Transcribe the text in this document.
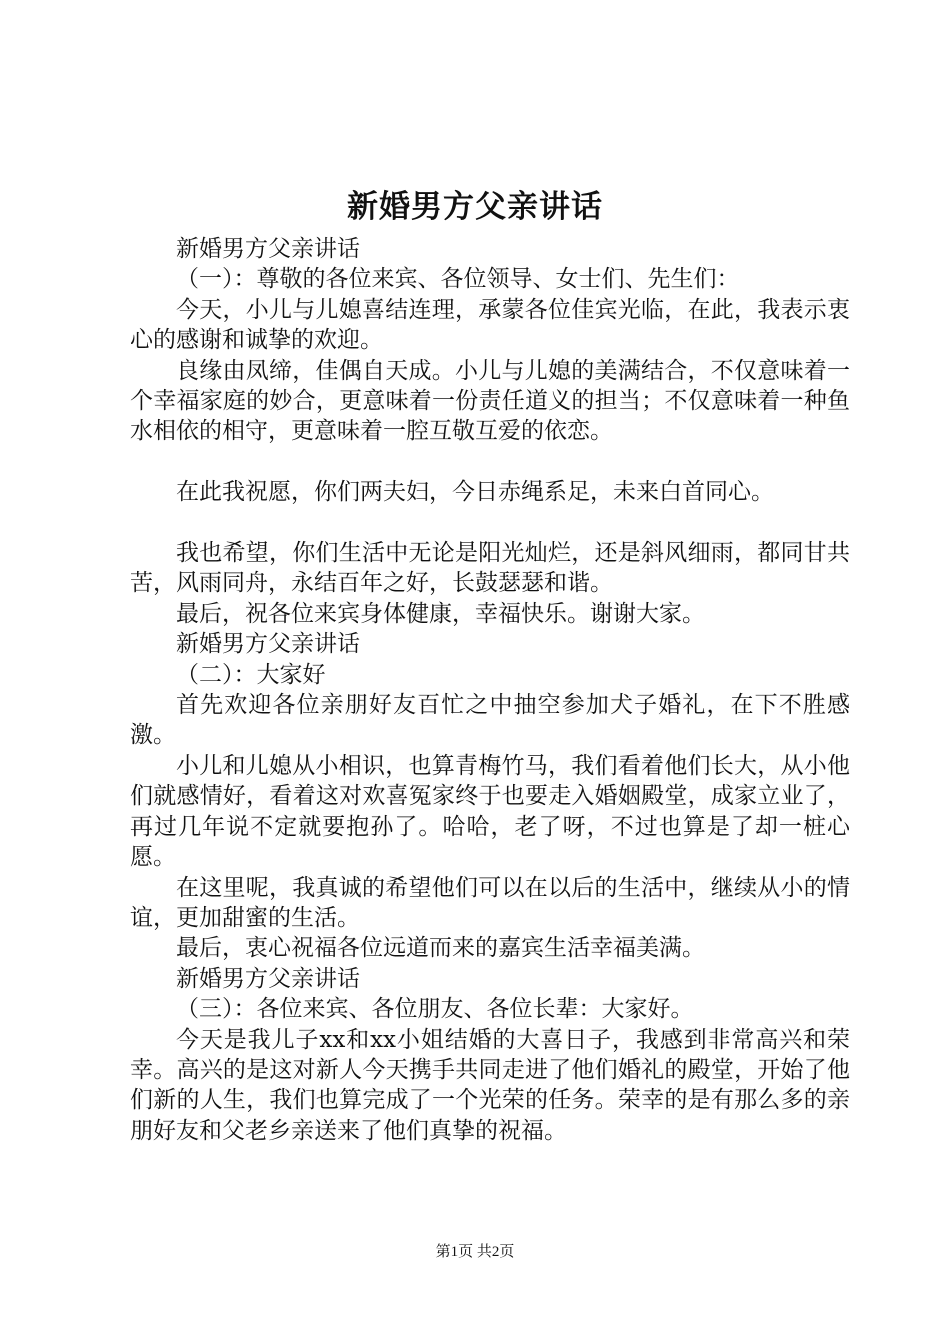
新婚男方父亲讲话

新婚男方父亲讲话

（一）：尊敬的各位来宾、各位领导、女士们、先生们：

今天，小儿与儿媳喜结连理，承蒙各位佳宾光临，在此，我表示衷心的感谢和诚挚的欢迎。

良缘由凤缔，佳偶自天成。小儿与儿媳的美满结合，不仅意味着一个幸福家庭的妙合，更意味着一份责任道义的担当；不仅意味着一种鱼水相依的相守，更意味着一腔互敬互爱的依恋。

在此我祝愿，你们两夫妇，今日赤绳系足，未来白首同心。

我也希望，你们生活中无论是阳光灿烂，还是斜风细雨，都同甘共苦，风雨同舟，永结百年之好，长鼓瑟瑟和谐。

最后，祝各位来宾身体健康，幸福快乐。谢谢大家。

新婚男方父亲讲话

（二）：大家好

首先欢迎各位亲朋好友百忙之中抽空参加犬子婚礼，在下不胜感激。

小儿和儿媳从小相识，也算青梅竹马，我们看着他们长大，从小他们就感情好，看着这对欢喜冤家终于也要走入婚姻殿堂，成家立业了，再过几年说不定就要抱孙了。哈哈，老了呀，不过也算是了却一桩心愿。

在这里呢，我真诚的希望他们可以在以后的生活中，继续从小的情谊，更加甜蜜的生活。

最后，衷心祝福各位远道而来的嘉宾生活幸福美满。

新婚男方父亲讲话

（三）：各位来宾、各位朋友、各位长辈：大家好。

今天是我儿子xx和xx小姐结婚的大喜日子，我感到非常高兴和荣幸。高兴的是这对新人今天携手共同走进了他们婚礼的殿堂，开始了他们新的人生，我们也算完成了一个光荣的任务。荣幸的是有那么多的亲朋好友和父老乡亲送来了他们真挚的祝福。

第1页 共2页
